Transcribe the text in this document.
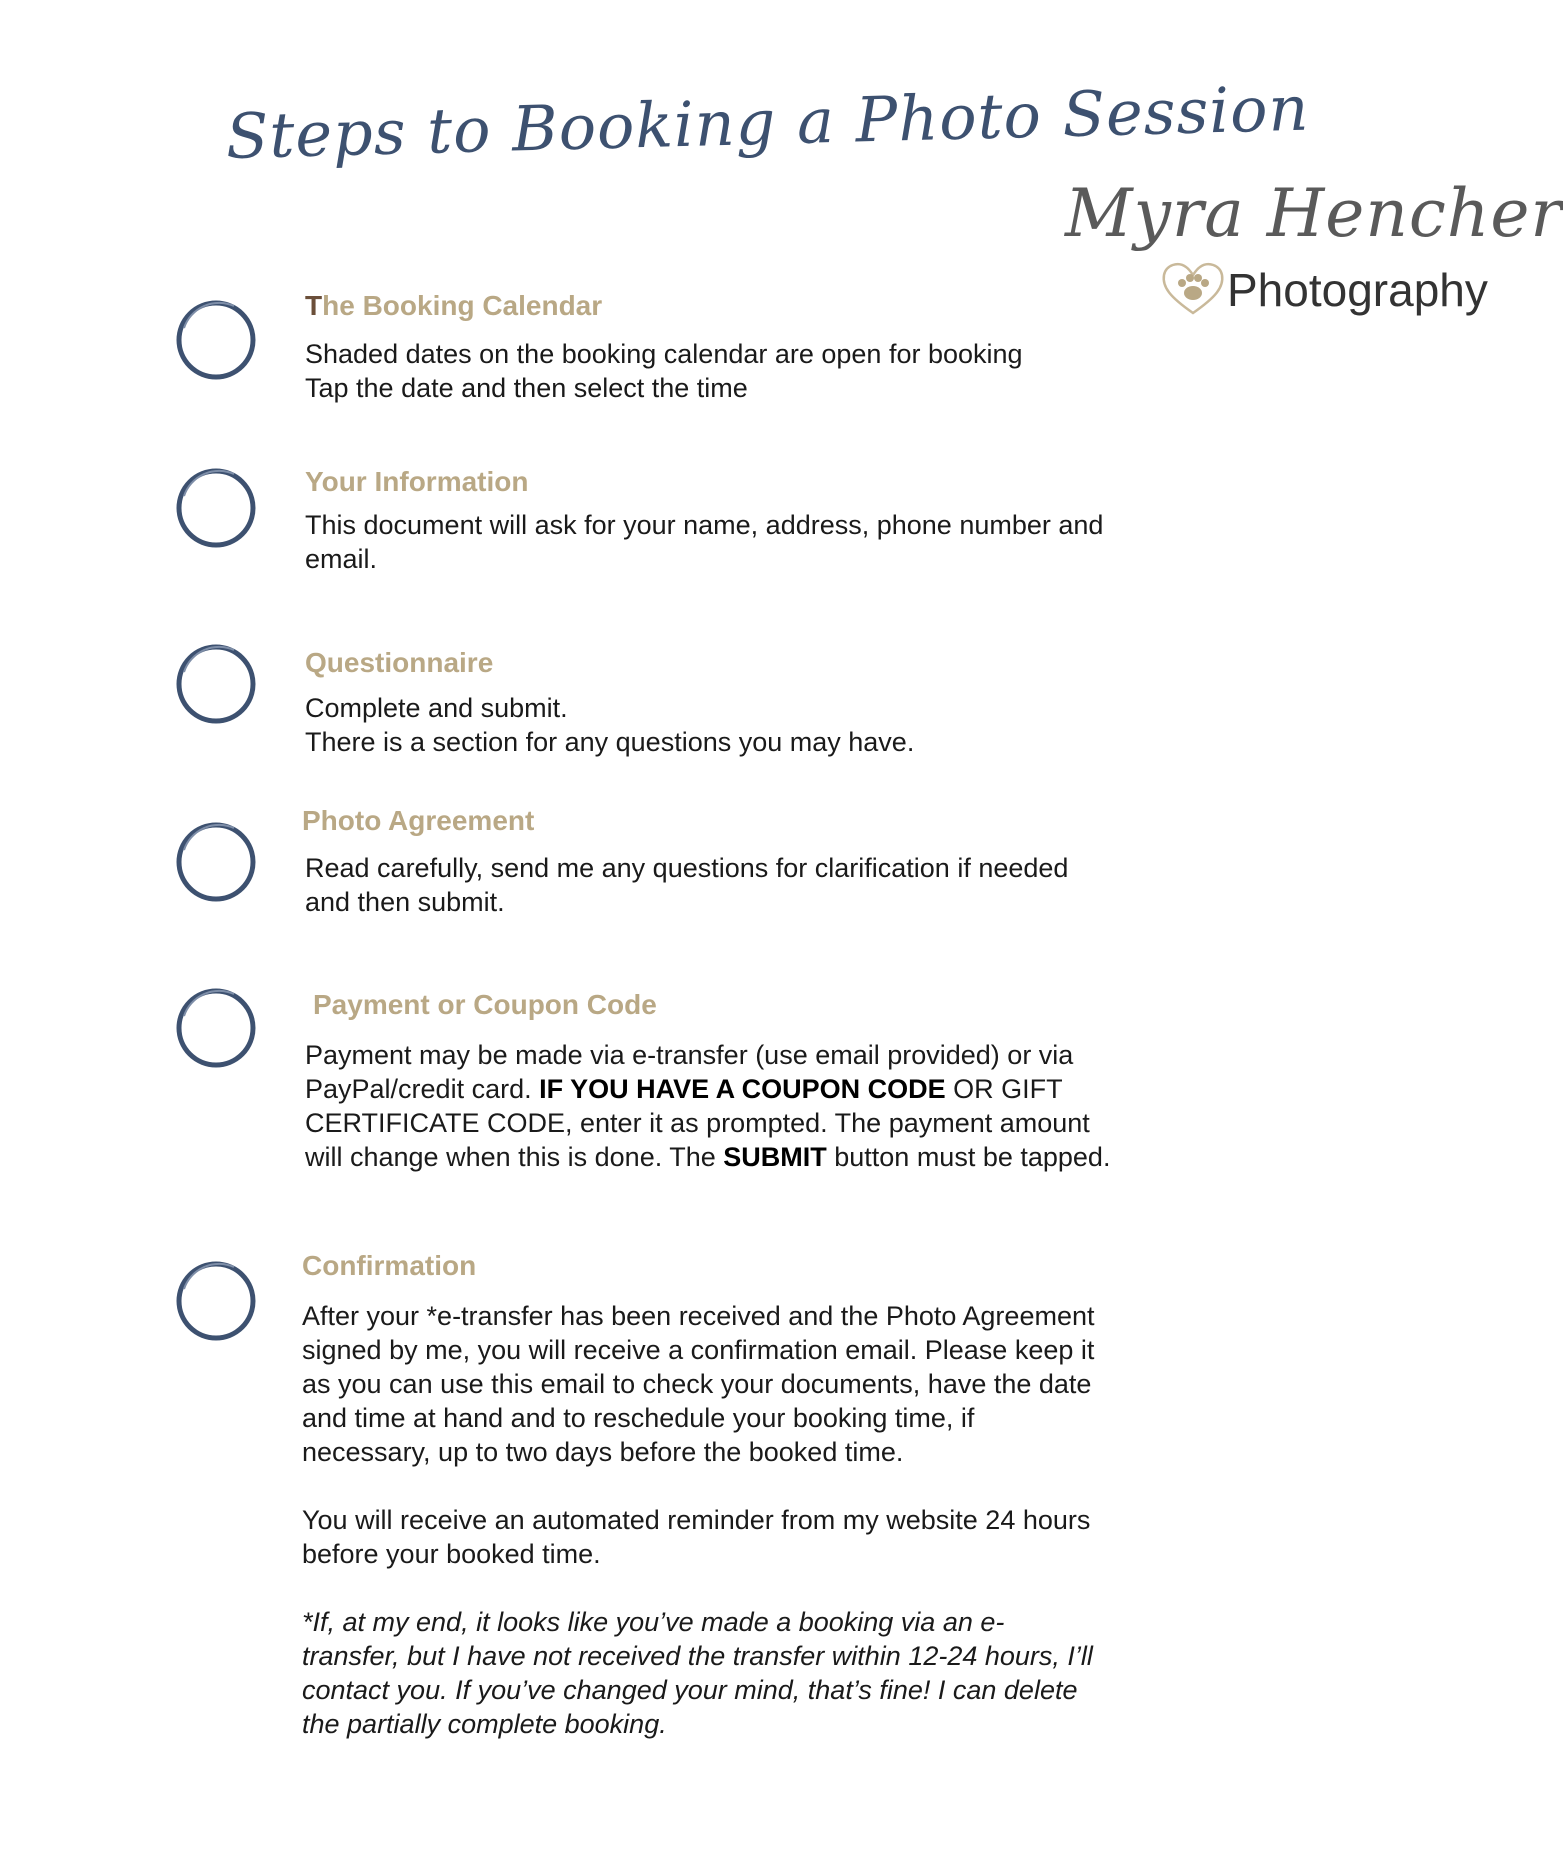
Steps to Booking a Photo Session
Myra Hencher
Photography
The Booking Calendar

Shaded dates on the booking calendar are open for booking

Tap the date and then select the time

Your Information

This document will ask for your name, address, phone number and

email.

Questionnaire

Complete and submit.

There is a section for any questions you may have.

Photo Agreement

Read carefully, send me any questions for clarification if needed

and then submit.

Payment or Coupon Code

Payment may be made via e-transfer (use email provided) or via

PayPal/credit card. IF YOU HAVE A COUPON CODE OR GIFT

CERTIFICATE CODE, enter it as prompted. The payment amount

will change when this is done. The SUBMIT button must be tapped.

Confirmation

After your *e-transfer has been received and the Photo Agreement

signed by me, you will receive a confirmation email. Please keep it

as you can use this email to check your documents, have the date

and time at hand and to reschedule your booking time, if

necessary, up to two days before the booked time.

You will receive an automated reminder from my website 24 hours

before your booked time.

*If, at my end, it looks like you’ve made a booking via an e-

transfer, but I have not received the transfer within 12-24 hours, I’ll

contact you. If you’ve changed your mind, that’s fine! I can delete

the partially complete booking.
